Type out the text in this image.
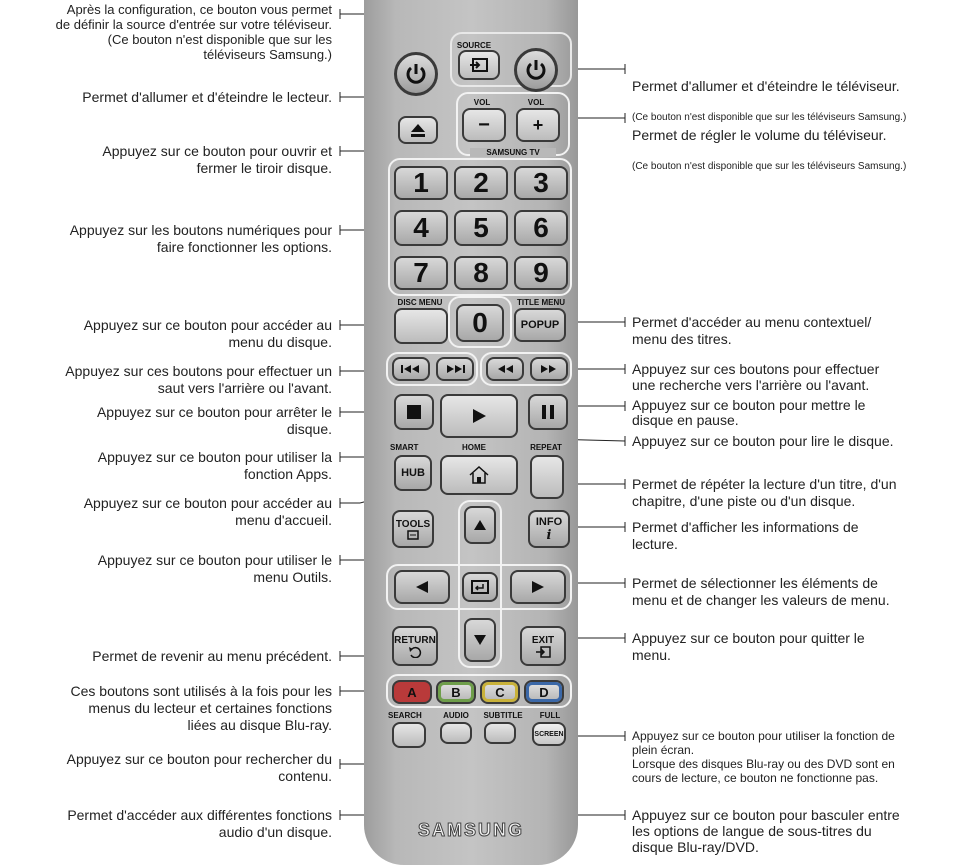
Après la configuration, ce bouton vous permet
de définir la source d'entrée sur votre téléviseur.
(Ce bouton n'est disponible que sur les
téléviseurs Samsung.)
Permet d'allumer et d'éteindre le lecteur.
Appuyez sur ce bouton pour ouvrir et
fermer le tiroir disque.
Appuyez sur les boutons numériques pour
faire fonctionner les options.
Appuyez sur ce bouton pour accéder au
menu du disque.
Appuyez sur ces boutons pour effectuer un
saut vers l'arrière ou l'avant.
Appuyez sur ce bouton pour arrêter le
disque.
Appuyez sur ce bouton pour utiliser la
fonction Apps.
Appuyez sur ce bouton pour accéder au
menu d'accueil.
Appuyez sur ce bouton pour utiliser le
menu Outils.
Permet de revenir au menu précédent.
Ces boutons sont utilisés à la fois pour les
menus du lecteur et certaines fonctions
liées au disque Blu-ray.
Appuyez sur ce bouton pour rechercher du
contenu.
Permet d'accéder aux différentes fonctions
audio d'un disque.

Permet d'allumer et d'éteindre le téléviseur.

(Ce bouton n'est disponible que sur les téléviseurs Samsung.)

Permet de régler le volume du téléviseur.

(Ce bouton n'est disponible que sur les téléviseurs Samsung.)

Permet d'accéder au menu contextuel/
menu des titres.
Appuyez sur ces boutons pour effectuer
une recherche vers l'arrière ou l'avant.
Appuyez sur ce bouton pour mettre le
disque en pause.
Appuyez sur ce bouton pour lire le disque.
Permet de répéter la lecture d'un titre, d'un
chapitre, d'une piste ou d'un disque.
Permet d'afficher les informations de
lecture.
Permet de sélectionner les éléments de
menu et de changer les valeurs de menu.
Appuyez sur ce bouton pour quitter le
menu.
Appuyez sur ce bouton pour utiliser la fonction de
plein écran.
Lorsque des disques Blu-ray ou des DVD sont en
cours de lecture, ce bouton ne fonctionne pas.
Appuyez sur ce bouton pour basculer entre
les options de langue de sous-titres du
disque Blu-ray/DVD.
SOURCE
VOL	VOL
−	+
SAMSUNG TV
1	2	3
4	5	6
7	8	9
DISC MENU
0
TITLE MENU
POPUP
SMART
HUB
HOME	REPEAT
TOOLS	INFO
i
RETURN	EXIT
A	B	C	D
SEARCH	AUDIO	SUBTITLE	FULL
SCREEN
SAMSUNG
